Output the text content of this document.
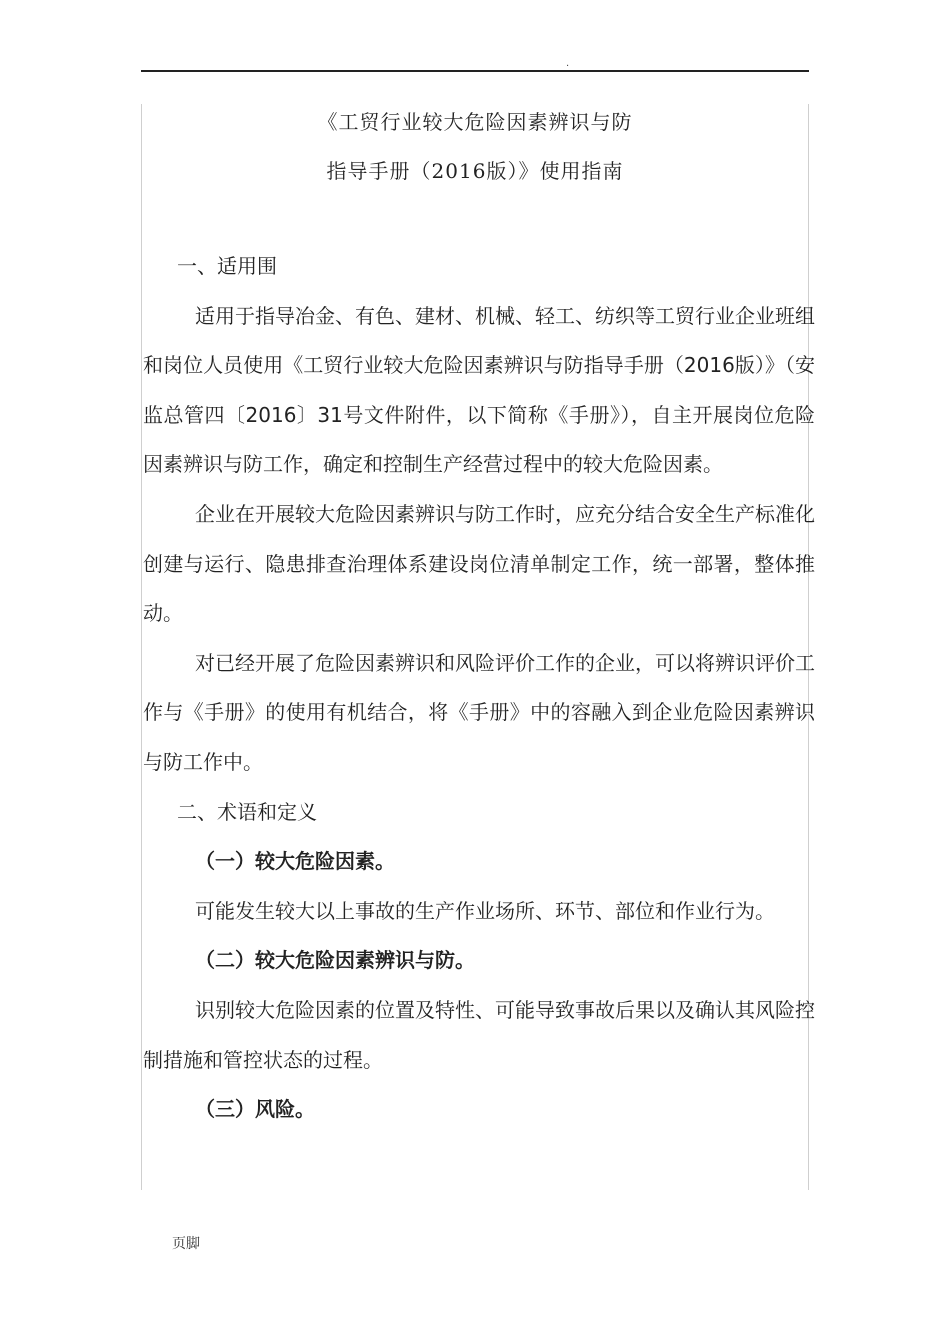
.
《工贸行业较大危险因素辨识与防
指导手册（2016版）》使用指南

一、适用围

适用于指导冶金、有色、建材、机械、轻工、纺织等工贸行业企业班组和岗位人员使用《工贸行业较大危险因素辨识与防指导手册（2016版）》（安监总管四〔2016〕31号文件附件，以下简称《手册》），自主开展岗位危险因素辨识与防工作，确定和控制生产经营过程中的较大危险因素。

企业在开展较大危险因素辨识与防工作时，应充分结合安全生产标准化创建与运行、隐患排查治理体系建设岗位清单制定工作，统一部署，整体推动。

对已经开展了危险因素辨识和风险评价工作的企业，可以将辨识评价工作与《手册》的使用有机结合，将《手册》中的容融入到企业危险因素辨识与防工作中。

二、术语和定义

（一）较大危险因素。

可能发生较大以上事故的生产作业场所、环节、部位和作业行为。

（二）较大危险因素辨识与防。

识别较大危险因素的位置及特性、可能导致事故后果以及确认其风险控制措施和管控状态的过程。

（三）风险。

页脚
